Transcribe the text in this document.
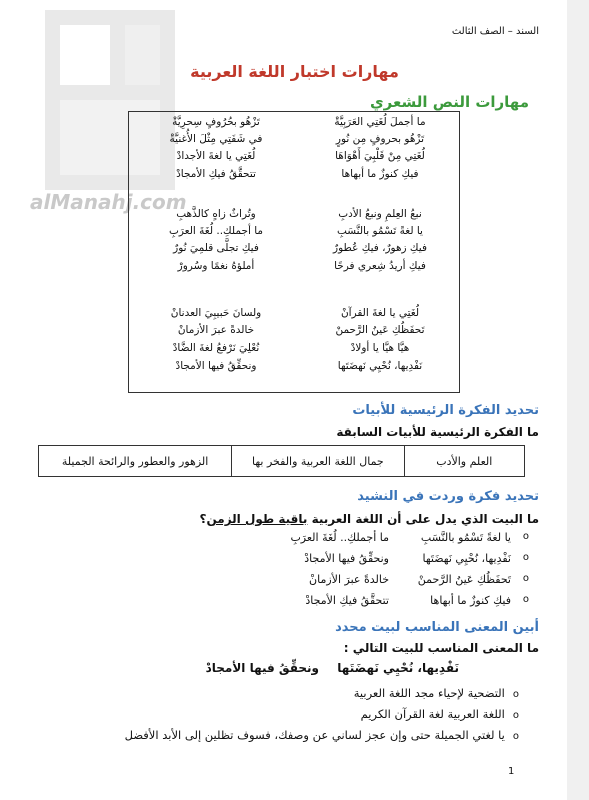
alManahj.com
السند – الصف الثالث
مهارات اختبار اللغة العربية
مهارات النص الشعري
ما أجملَ لُغَتِي العَرَبِيَّةْ
تَزْهُو بحُرُوفٍ سِحرِيَّةْ
تَزْهُو بحروفٍ مِن نُورٍ
في شَفَتِي مِثْلَ الأُغنيَّةْ
لُغَتِي مِنْ قَلْبِيَ أَهْوَاهَا
لُغَتِي يا لغةَ الأجدادْ
فيكِ كنوزٌ ما أبهاها
تتحقَّقُ فيكِ الأمجادْ
نبعُ العِلمِ ونبعُ الأدبِ
وتُراثٌ زاهٍ كالذَّهبِ
يا لغةً تَسْمُو بالنَّسَبِ
ما أجملكِ.. لُغَةَ العرَبِ
فيكِ زهورٌ، فيكِ عُطورٌ
فيكِ تجلَّى قلمِيَ نُورٌ
فيكِ أريدُ شِعري فرحًا
أملؤهُ نغمًا وسُرورْ
لُغَتِي يا لغةَ القرآنْ
ولسانَ حَبيبِيَ العدنانْ
تَحفَظُكِ عَينُ الرَّحمنْ
خالدةً عبرَ الأزمانْ
هيَّا هيَّا يا أولادْ
نُعْلِيَ نَرْفعُ لغةَ الضَّادْ
نَفْدِيها، نُحْيِي نَهضَتَها
ونحقِّقُ فيها الأمجادْ
تحديد الفكرة الرئيسية للأبيات
ما الفكرة الرئيسية للأبيات السابقة
العلم والأدب
جمال اللغة العربية والفخر بها
الزهور والعطور والرائحة الجميلة
تحديد فكرة وردت في النشيد
ما البيت الذي يدل على أن اللغة العربية باقية طول الزمن؟
أبين المعنى المناسب لبيت محدد
ما المعنى المناسب للبيت التالي :
نَفْدِيها، نُحْيِي نَهضَتَها
ونحقِّقُ فيها الأمجادْ
1
o
يا لغةً تَسْمُو بالنَّسَبِ
ما أجملكِ.. لُغَةَ العرَبِ
o
نَفْدِيها، نُحْيِي نَهضَتَها
ونحقِّقُ فيها الأمجادْ
o
تَحفَظُكِ عَينُ الرَّحمنْ
خالدةً عبرَ الأزمانْ
o
فيكِ كنوزٌ ما أبهاها
تتحقَّقُ فيكِ الأمجادْ
oالتضحية لإحياء مجد اللغة العربية
oاللغة العربية لغة القرآن الكريم
oيا لغتي الجميلة حتى وإن عجز لساني عن وصفك، فسوف تظلين إلى الأبد الأفضل
